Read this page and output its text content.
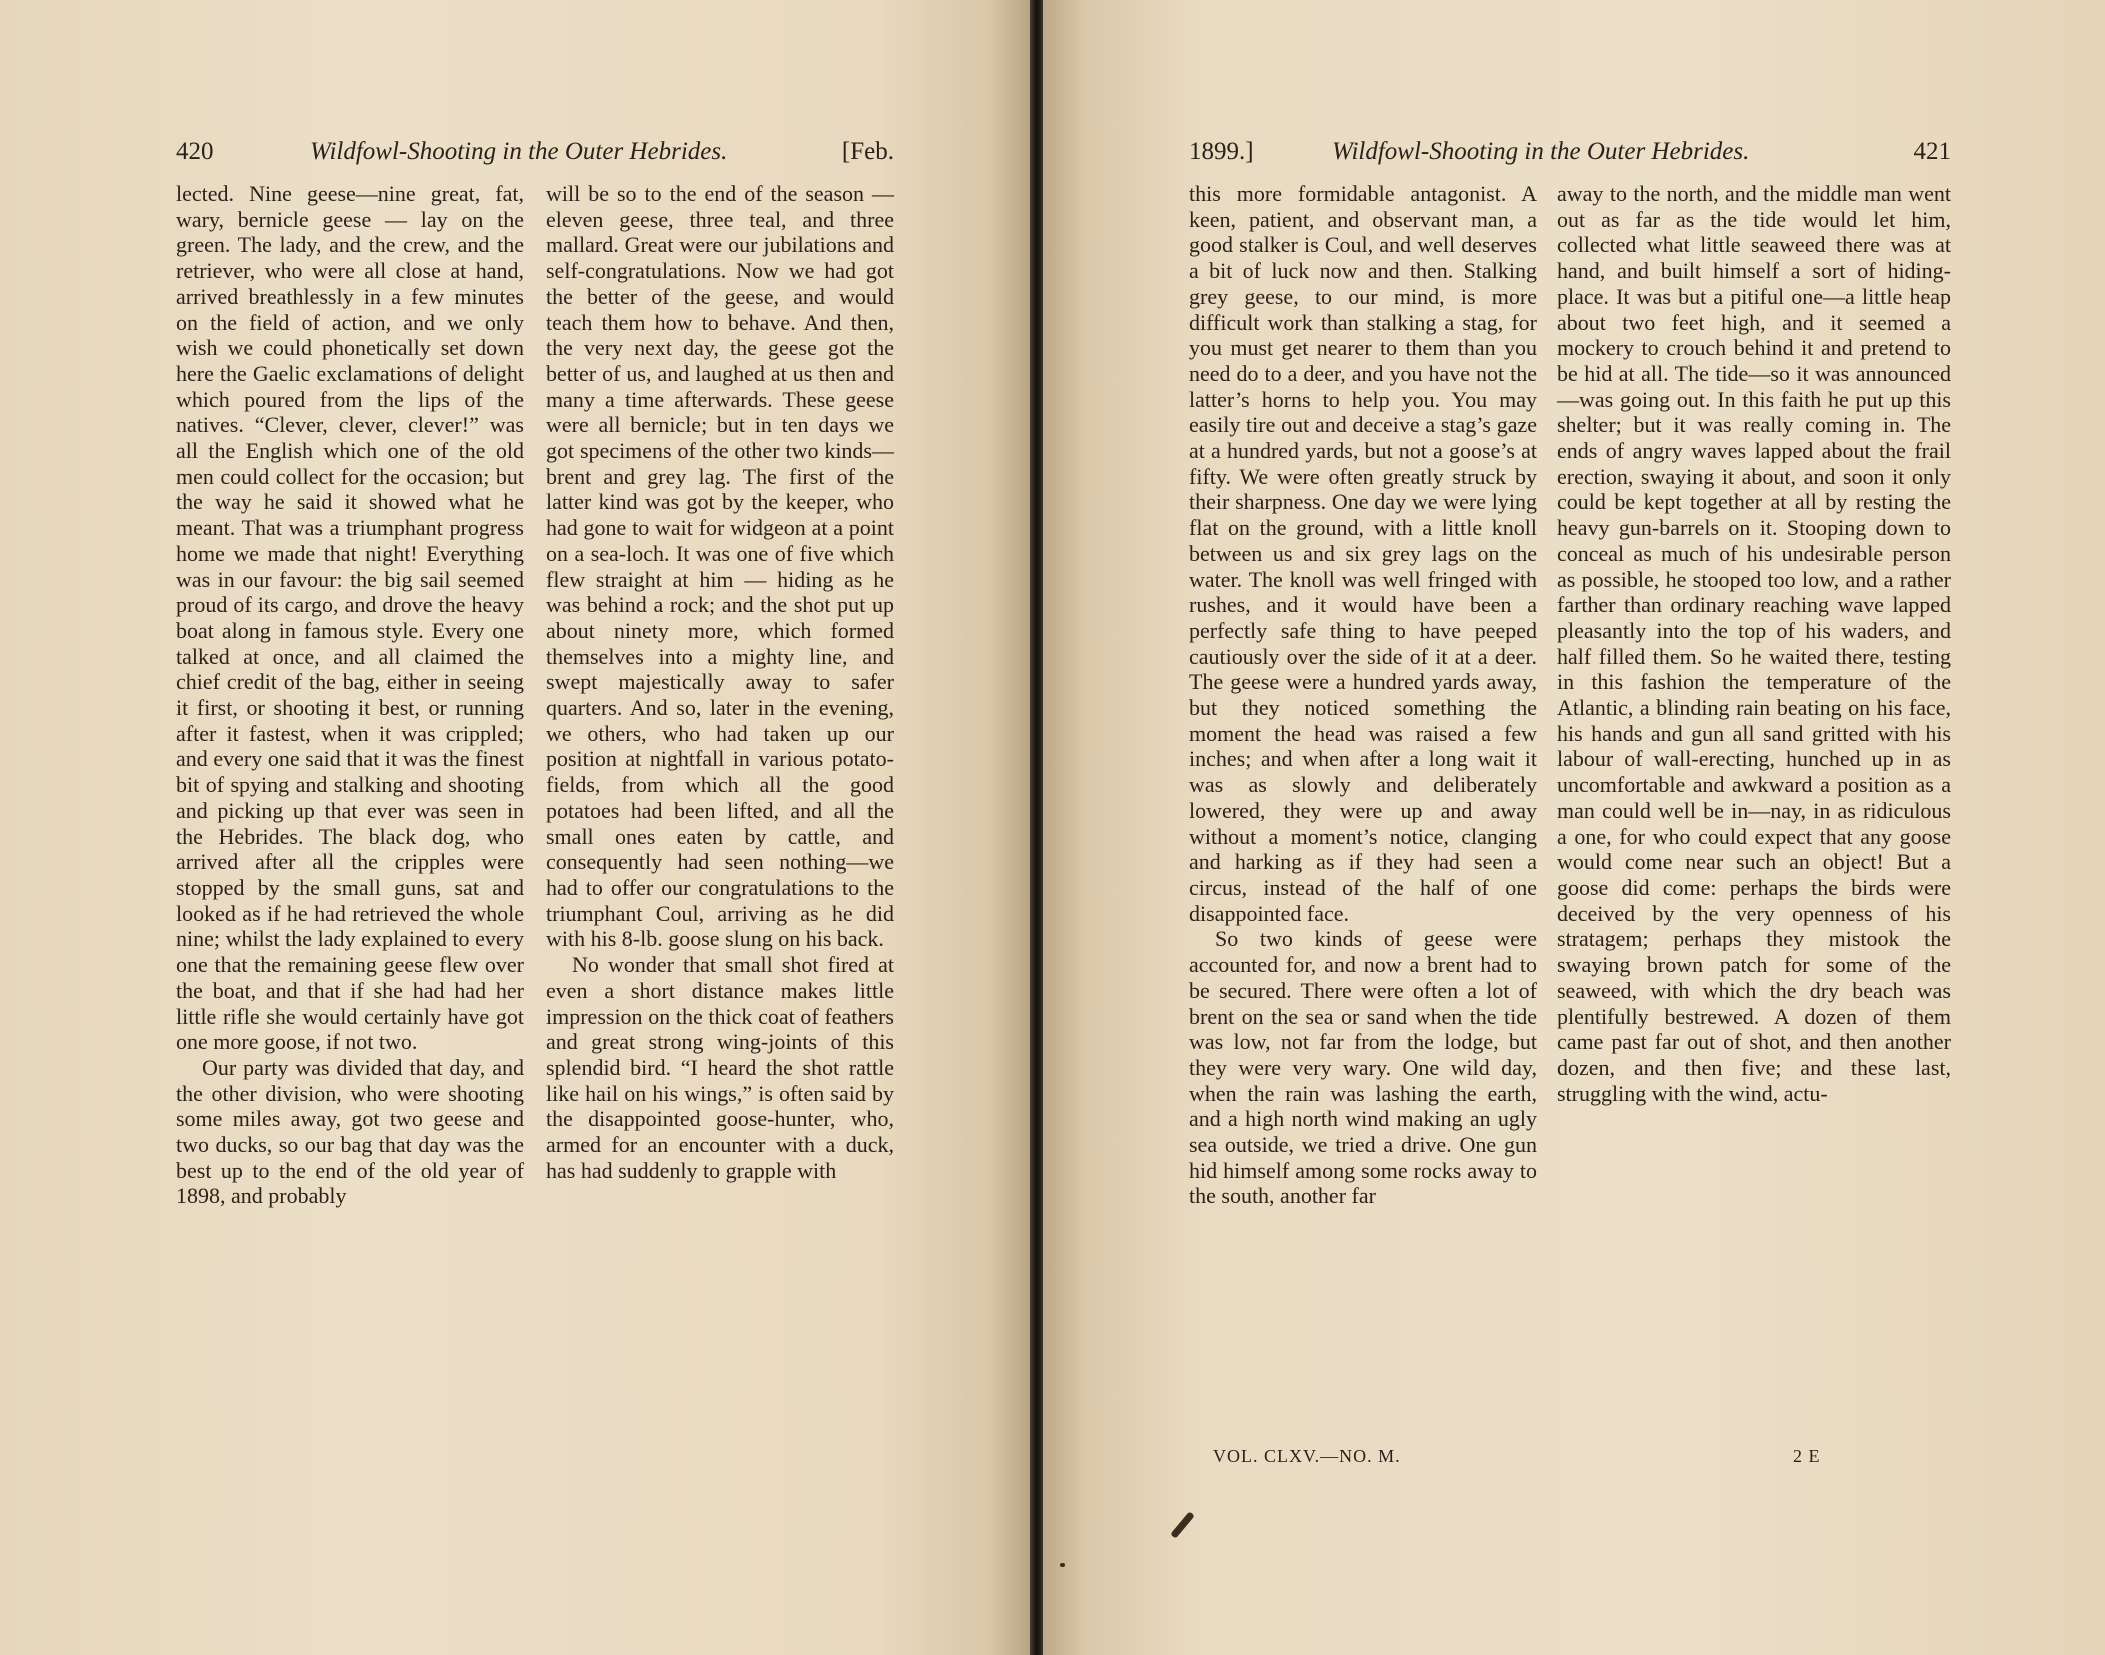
420	Wildfowl-Shooting in the Outer Hebrides.	[Feb.

lected. Nine geese—nine great, fat, wary, bernicle geese — lay on the green. The lady, and the crew, and the retriever, who were all close at hand, arrived breathlessly in a few minutes on the field of action, and we only wish we could phonetically set down here the Gaelic exclamations of delight which poured from the lips of the natives. “Clever, clever, clever!” was all the English which one of the old men could collect for the occasion; but the way he said it showed what he meant. That was a triumphant progress home we made that night! Everything was in our favour: the big sail seemed proud of its cargo, and drove the heavy boat along in famous style. Every one talked at once, and all claimed the chief credit of the bag, either in seeing it first, or shooting it best, or running after it fastest, when it was crippled; and every one said that it was the finest bit of spying and stalking and shooting and picking up that ever was seen in the Hebrides. The black dog, who arrived after all the cripples were stopped by the small guns, sat and looked as if he had retrieved the whole nine; whilst the lady explained to every one that the remaining geese flew over the boat, and that if she had had her little rifle she would certainly have got one more goose, if not two.

Our party was divided that day, and the other division, who were shooting some miles away, got two geese and two ducks, so our bag that day was the best up to the end of the old year of 1898, and probably

will be so to the end of the season — eleven geese, three teal, and three mallard. Great were our jubilations and self-congratulations. Now we had got the better of the geese, and would teach them how to behave. And then, the very next day, the geese got the better of us, and laughed at us then and many a time afterwards. These geese were all bernicle; but in ten days we got specimens of the other two kinds—brent and grey lag. The first of the latter kind was got by the keeper, who had gone to wait for widgeon at a point on a sea-loch. It was one of five which flew straight at him — hiding as he was behind a rock; and the shot put up about ninety more, which formed themselves into a mighty line, and swept majestically away to safer quarters. And so, later in the evening, we others, who had taken up our position at nightfall in various potato-fields, from which all the good potatoes had been lifted, and all the small ones eaten by cattle, and consequently had seen nothing—we had to offer our congratulations to the triumphant Coul, arriving as he did with his 8-lb. goose slung on his back.

No wonder that small shot fired at even a short distance makes little impression on the thick coat of feathers and great strong wing-joints of this splendid bird. “I heard the shot rattle like hail on his wings,” is often said by the disappointed goose-hunter, who, armed for an encounter with a duck, has had suddenly to grapple with

1899.]	Wildfowl-Shooting in the Outer Hebrides.	421

this more formidable antagonist. A keen, patient, and observant man, a good stalker is Coul, and well deserves a bit of luck now and then. Stalking grey geese, to our mind, is more difficult work than stalking a stag, for you must get nearer to them than you need do to a deer, and you have not the latter’s horns to help you. You may easily tire out and deceive a stag’s gaze at a hundred yards, but not a goose’s at fifty. We were often greatly struck by their sharpness. One day we were lying flat on the ground, with a little knoll between us and six grey lags on the water. The knoll was well fringed with rushes, and it would have been a perfectly safe thing to have peeped cautiously over the side of it at a deer. The geese were a hundred yards away, but they noticed something the moment the head was raised a few inches; and when after a long wait it was as slowly and deliberately lowered, they were up and away without a moment’s notice, clanging and harking as if they had seen a circus, instead of the half of one disappointed face.

So two kinds of geese were accounted for, and now a brent had to be secured. There were often a lot of brent on the sea or sand when the tide was low, not far from the lodge, but they were very wary. One wild day, when the rain was lashing the earth, and a high north wind making an ugly sea outside, we tried a drive. One gun hid himself among some rocks away to the south, another far

away to the north, and the middle man went out as far as the tide would let him, collected what little seaweed there was at hand, and built himself a sort of hiding-place. It was but a pitiful one—a little heap about two feet high, and it seemed a mockery to crouch behind it and pretend to be hid at all. The tide—so it was announced—was going out. In this faith he put up this shelter; but it was really coming in. The ends of angry waves lapped about the frail erection, swaying it about, and soon it only could be kept together at all by resting the heavy gun-barrels on it. Stooping down to conceal as much of his undesirable person as possible, he stooped too low, and a rather farther than ordinary reaching wave lapped pleasantly into the top of his waders, and half filled them. So he waited there, testing in this fashion the temperature of the Atlantic, a blinding rain beating on his face, his hands and gun all sand gritted with his labour of wall-erecting, hunched up in as uncomfortable and awkward a position as a man could well be in—nay, in as ridiculous a one, for who could expect that any goose would come near such an object! But a goose did come: perhaps the birds were deceived by the very openness of his stratagem; perhaps they mistook the swaying brown patch for some of the seaweed, with which the dry beach was plentifully bestrewed. A dozen of them came past far out of shot, and then another dozen, and then five; and these last, struggling with the wind, actu-

VOL. CLXV.—NO. M.	2 E
